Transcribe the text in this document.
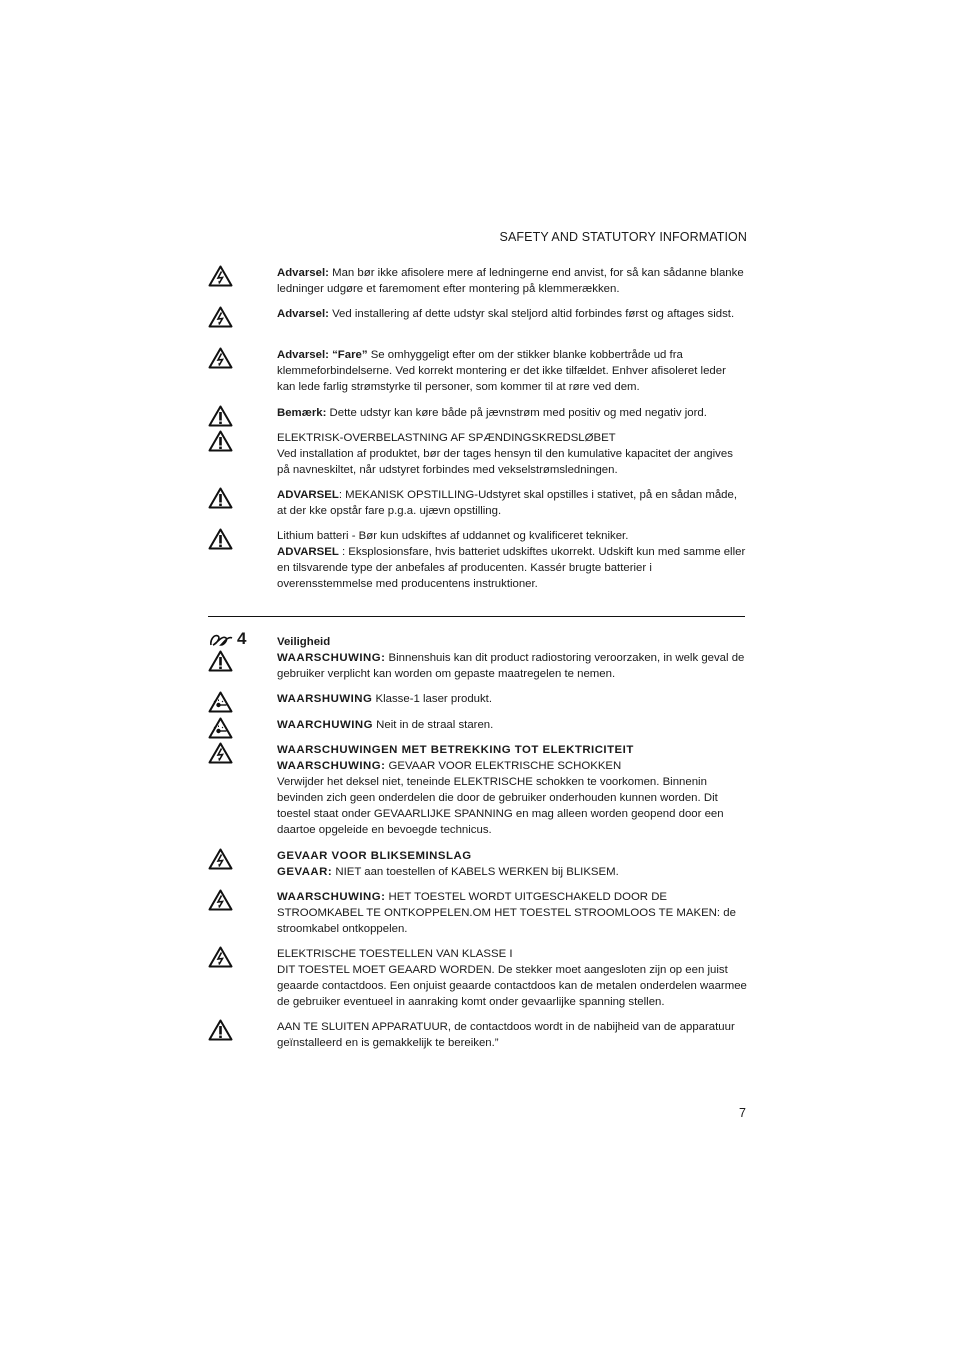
SAFETY AND STATUTORY INFORMATION
Advarsel: Man bør ikke afisolere mere af ledningerne end anvist, for så kan sådanne blanke ledninger udgøre et faremoment efter montering på klemmerækken.
Advarsel: Ved installering af dette udstyr skal steljord altid forbindes først og aftages sidst.
Advarsel: “Fare” Se omhyggeligt efter om der stikker blanke kobbertråde ud fra klemmeforbindelserne. Ved korrekt montering er det ikke tilfældet. Enhver afisoleret leder kan lede farlig strømstyrke til personer, som kommer til at røre ved dem.
Bemærk: Dette udstyr kan køre både på jævnstrøm med positiv og med negativ jord.
ELEKTRISK-OVERBELASTNING AF SPÆNDINGSKREDSLØBET
Ved installation af produktet, bør der tages hensyn til den kumulative kapacitet der angives på navneskiltet, når udstyret forbindes med vekselstrømsledningen.
ADVARSEL: MEKANISK OPSTILLING-Udstyret skal opstilles i stativet, på en sådan måde, at der kke opstår fare p.g.a. ujævn opstilling.
Lithium batteri - Bør kun udskiftes af uddannet og kvalificeret tekniker.
ADVARSEL : Eksplosionsfare, hvis batteriet udskiftes ukorrekt. Udskift kun med samme eller en tilsvarende type der anbefales af producenten. Kassér brugte batterier i overensstemmelse med producentens instruktioner.
4	Veiligheid
WAARSCHUWING: Binnenshuis kan dit product radiostoring veroorzaken, in welk geval de gebruiker verplicht kan worden om gepaste maatregelen te nemen.
WAARSHUWING Klasse-1 laser produkt.
WAARCHUWING Neit in de straal staren.
WAARSCHUWINGEN MET BETREKKING TOT ELEKTRICITEIT
WAARSCHUWING: GEVAAR VOOR ELEKTRISCHE SCHOKKEN
Verwijder het deksel niet, teneinde ELEKTRISCHE schokken te voorkomen. Binnenin bevinden zich geen onderdelen die door de gebruiker onderhouden kunnen worden. Dit toestel staat onder GEVAARLIJKE SPANNING en mag alleen worden geopend door een daartoe opgeleide en bevoegde technicus.
GEVAAR VOOR BLIKSEMINSLAG
GEVAAR: NIET aan toestellen of KABELS WERKEN bij BLIKSEM.
WAARSCHUWING: HET TOESTEL WORDT UITGESCHAKELD DOOR DE STROOMKABEL TE ONTKOPPELEN.OM HET TOESTEL STROOMLOOS TE MAKEN: de stroomkabel ontkoppelen.
ELEKTRISCHE TOESTELLEN VAN KLASSE I
DIT TOESTEL MOET GEAARD WORDEN. De stekker moet aangesloten zijn op een juist geaarde contactdoos. Een onjuist geaarde contactdoos kan de metalen onderdelen waarmee de gebruiker eventueel in aanraking komt onder gevaarlijke spanning stellen.
AAN TE SLUITEN APPARATUUR, de contactdoos wordt in de nabijheid van de apparatuur geïnstalleerd en is gemakkelijk te bereiken.”
7
